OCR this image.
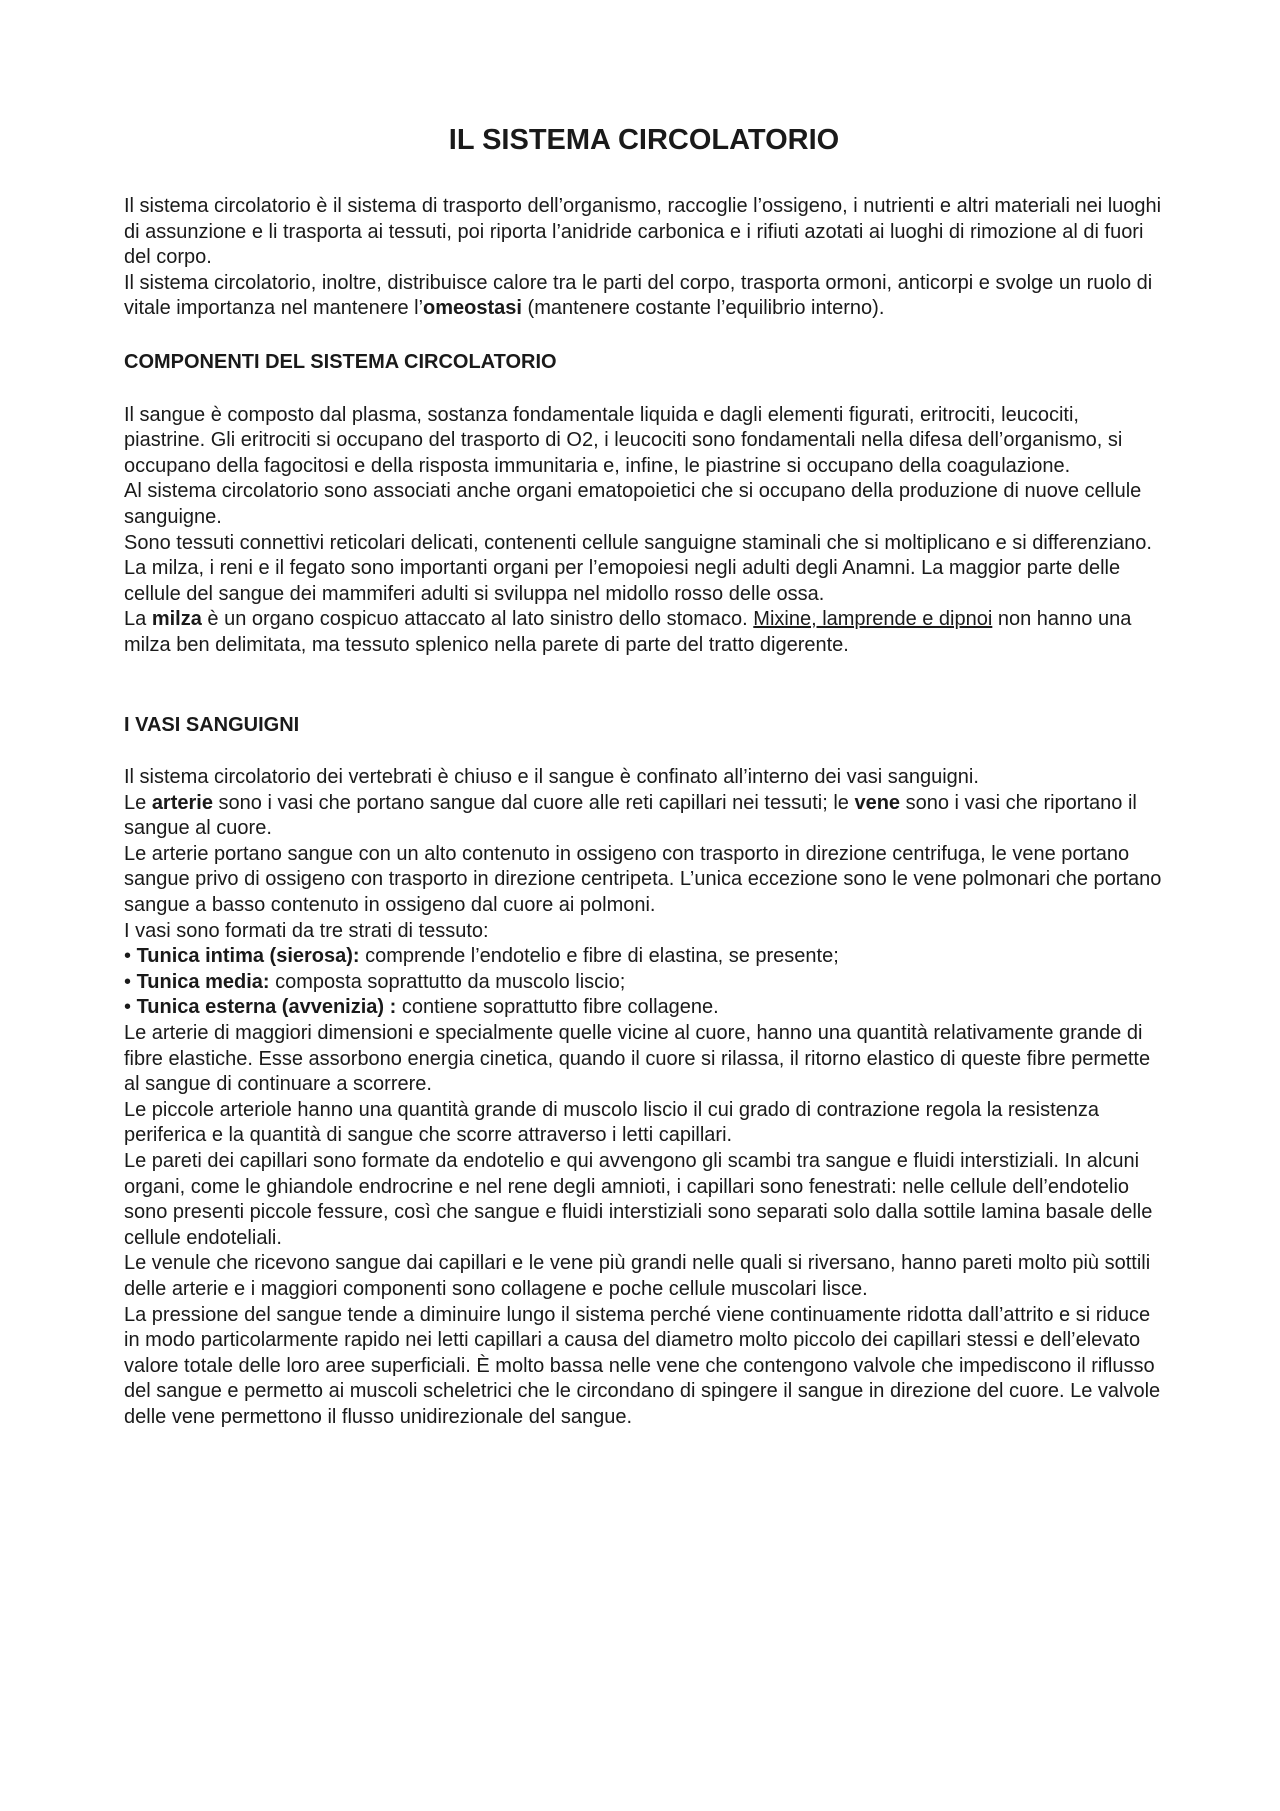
IL SISTEMA CIRCOLATORIO

Il sistema circolatorio è il sistema di trasporto dell’organismo, raccoglie l’ossigeno, i nutrienti e altri materiali nei luoghi di assunzione e li trasporta ai tessuti, poi riporta l’anidride carbonica e i rifiuti azotati ai luoghi di rimozione al di fuori del corpo.

Il sistema circolatorio, inoltre, distribuisce calore tra le parti del corpo, trasporta ormoni, anticorpi e svolge un ruolo di vitale importanza nel mantenere l’omeostasi (mantenere costante l’equilibrio interno).

COMPONENTI DEL SISTEMA CIRCOLATORIO

Il sangue è composto dal plasma, sostanza fondamentale liquida e dagli elementi figurati, eritrociti, leucociti, piastrine. Gli eritrociti si occupano del trasporto di O2, i leucociti sono fondamentali nella difesa dell’organismo, si occupano della fagocitosi e della risposta immunitaria e, infine, le piastrine si occupano della coagulazione.

Al sistema circolatorio sono associati anche organi ematopoietici che si occupano della produzione di nuove cellule sanguigne.

Sono tessuti connettivi reticolari delicati, contenenti cellule sanguigne staminali che si moltiplicano e si differenziano. La milza, i reni e il fegato sono importanti organi per l’emopoiesi negli adulti degli Anamni. La maggior parte delle cellule del sangue dei mammiferi adulti si sviluppa nel midollo rosso delle ossa.

La milza è un organo cospicuo attaccato al lato sinistro dello stomaco. Mixine, lamprende e dipnoi non hanno una milza ben delimitata, ma tessuto splenico nella parete di parte del tratto digerente.

I VASI SANGUIGNI

Il sistema circolatorio dei vertebrati è chiuso e il sangue è confinato all’interno dei vasi sanguigni.

Le arterie sono i vasi che portano sangue dal cuore alle reti capillari nei tessuti; le vene sono i vasi che riportano il sangue al cuore.

Le arterie portano sangue con un alto contenuto in ossigeno con trasporto in direzione centrifuga, le vene portano sangue privo di ossigeno con trasporto in direzione centripeta. L’unica eccezione sono le vene polmonari che portano sangue a basso contenuto in ossigeno dal cuore ai polmoni.

I vasi sono formati da tre strati di tessuto:

• Tunica intima (sierosa): comprende l’endotelio e fibre di elastina, se presente;

• Tunica media: composta soprattutto da muscolo liscio;

• Tunica esterna (avvenizia) : contiene soprattutto fibre collagene.

Le arterie di maggiori dimensioni e specialmente quelle vicine al cuore, hanno una quantità relativamente grande di fibre elastiche. Esse assorbono energia cinetica, quando il cuore si rilassa, il ritorno elastico di queste fibre permette al sangue di continuare a scorrere.

Le piccole arteriole hanno una quantità grande di muscolo liscio il cui grado di contrazione regola la resistenza periferica e la quantità di sangue che scorre attraverso i letti capillari.

Le pareti dei capillari sono formate da endotelio e qui avvengono gli scambi tra sangue e fluidi interstiziali. In alcuni organi, come le ghiandole endrocrine e nel rene degli amnioti, i capillari sono fenestrati: nelle cellule dell’endotelio sono presenti piccole fessure, così che sangue e fluidi interstiziali sono separati solo dalla sottile lamina basale delle cellule endoteliali.

Le venule che ricevono sangue dai capillari e le vene più grandi nelle quali si riversano, hanno pareti molto più sottili delle arterie e i maggiori componenti sono collagene e poche cellule muscolari lisce.

La pressione del sangue tende a diminuire lungo il sistema perché viene continuamente ridotta dall’attrito e si riduce in modo particolarmente rapido nei letti capillari a causa del diametro molto piccolo dei capillari stessi e dell’elevato valore totale delle loro aree superficiali. È molto bassa nelle vene che contengono valvole che impediscono il riflusso del sangue e permetto ai muscoli scheletrici che le circondano di spingere il sangue in direzione del cuore. Le valvole delle vene permettono il flusso unidirezionale del sangue.
